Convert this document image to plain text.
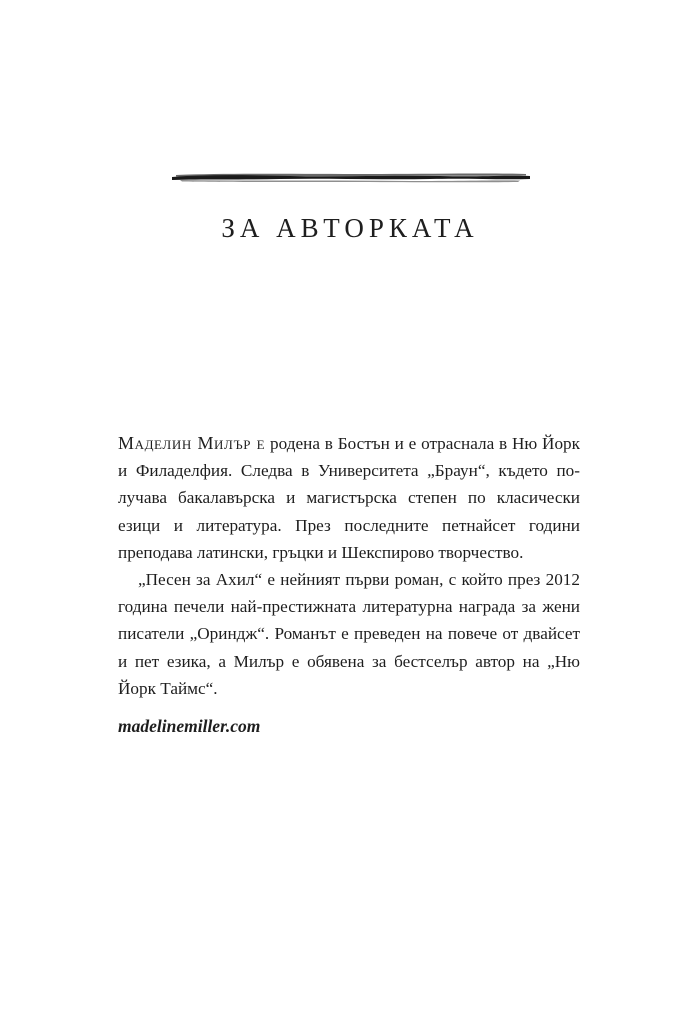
ЗА АВТОРКАТА

Маделин Милър е родена в Бостън и е отраснала в Ню Йорк и Филаделфия. Следва в Университета „Браун“, където получава бакалавърска и магистърска степен по класически езици и литература. През последните петнайсет години преподава латински, гръцки и Шекспирово творчество.

„Песен за Ахил“ е нейният първи роман, с който през 2012 година печели най-престижната литературна награда за жени писатели „Ориндж“. Романът е преведен на повече от двайсет и пет езика, а Милър е обявена за бестселър автор на „Ню Йорк Таймс“.

madelinemiller.com
